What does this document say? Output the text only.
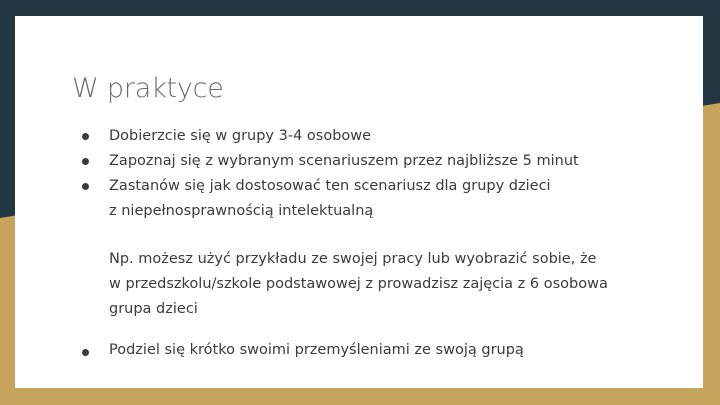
W praktyce
Dobierzcie się w grupy 3-4 osobowe
Zapoznaj się z wybranym scenariuszem przez najbliższe 5 minut
Zastanów się jak dostosować ten scenariusz dla grupy dzieci
z niepełnosprawnością intelektualną

Np. możesz użyć przykładu ze swojej pracy lub wyobrazić sobie, że
w przedszkolu/szkole podstawowej z prowadzisz zajęcia z 6 osobowa
grupa dzieci

Podziel się krótko swoimi przemyśleniami ze swoją grupą
